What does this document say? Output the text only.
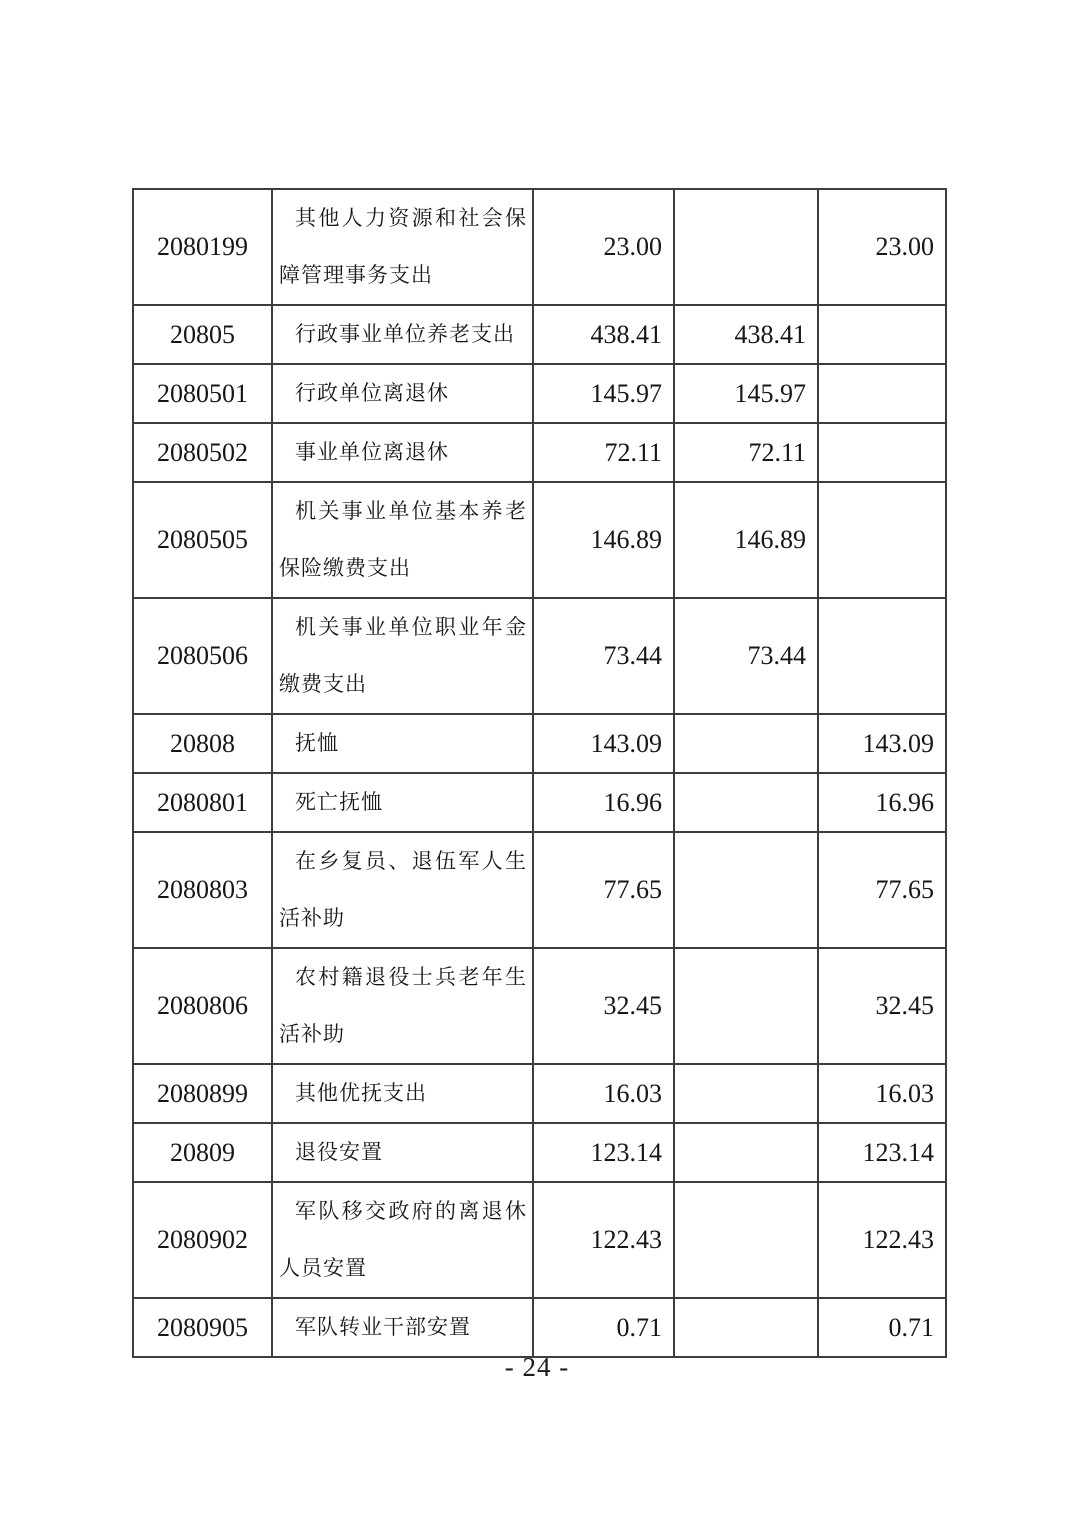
2080199	其他人力资源和社会保障管理事务支出	23.00		23.00
20805	行政事业单位养老支出	438.41	438.41	
2080501	行政单位离退休	145.97	145.97	
2080502	事业单位离退休	72.11	72.11	
2080505	机关事业单位基本养老保险缴费支出	146.89	146.89	
2080506	机关事业单位职业年金缴费支出	73.44	73.44	
20808	抚恤	143.09		143.09
2080801	死亡抚恤	16.96		16.96
2080803	在乡复员、退伍军人生活补助	77.65		77.65
2080806	农村籍退役士兵老年生活补助	32.45		32.45
2080899	其他优抚支出	16.03		16.03
20809	退役安置	123.14		123.14
2080902	军队移交政府的离退休人员安置	122.43		122.43
2080905	军队转业干部安置	0.71		0.71
- 24 -
